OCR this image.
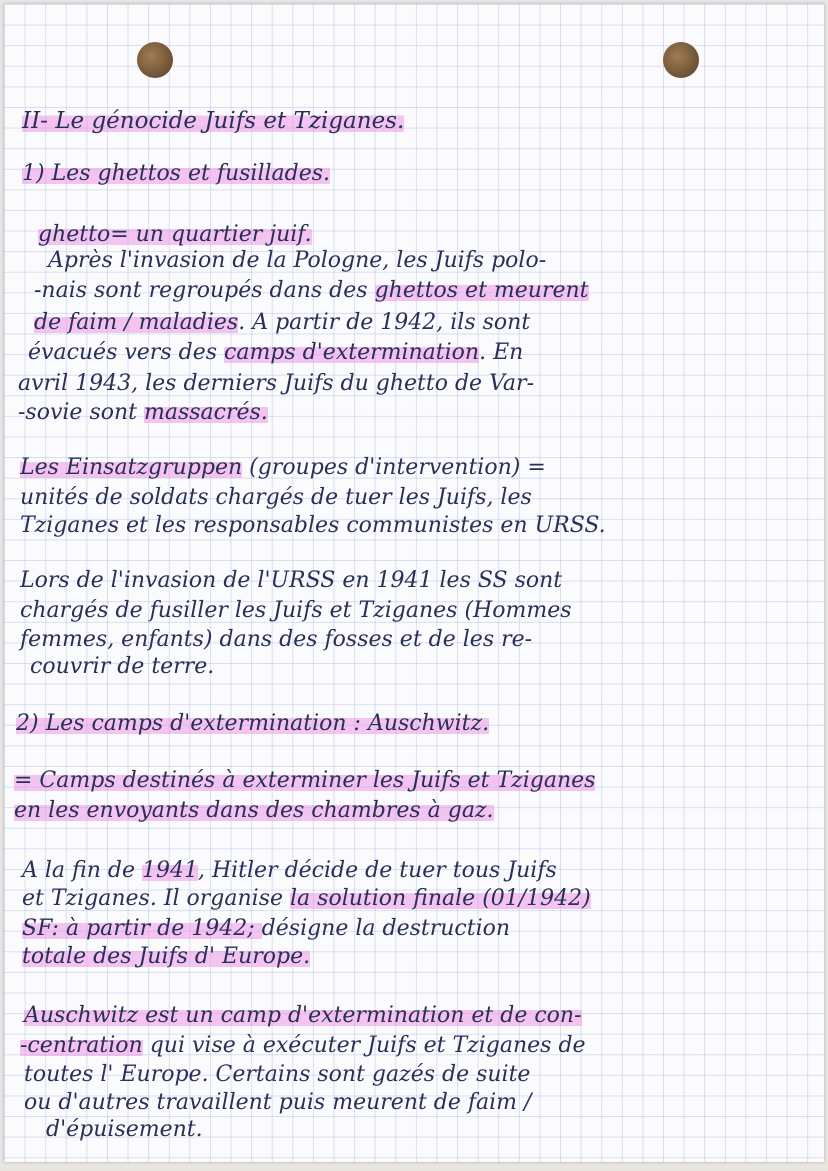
II- Le génocide Juifs et Tziganes.
1) Les ghettos et fusillades.
ghetto= un quartier juif.
Après l'invasion de la Pologne, les Juifs polo-
-nais sont regroupés dans des ghettos et meurent
de faim / maladies. A partir de 1942, ils sont
évacués vers des camps d'extermination. En
avril 1943, les derniers Juifs du ghetto de Var-
-sovie sont massacrés.
Les Einsatzgruppen (groupes d'intervention) =
unités de soldats chargés de tuer les Juifs, les
Tziganes et les responsables communistes en URSS.
Lors de l'invasion de l'URSS en 1941 les SS sont
chargés de fusiller les Juifs et Tziganes (Hommes
femmes, enfants) dans des fosses et de les re-
couvrir de terre.
2) Les camps d'extermination : Auschwitz.
= Camps destinés à exterminer les Juifs et Tziganes
en les envoyants dans des chambres à gaz.
A la fin de 1941, Hitler décide de tuer tous Juifs
et Tziganes. Il organise la solution finale (01/1942)
SF: à partir de 1942; désigne la destruction
totale des Juifs d' Europe.
Auschwitz est un camp d'extermination et de con-
-centration qui vise à exécuter Juifs et Tziganes de
toutes l' Europe. Certains sont gazés de suite
ou d'autres travaillent puis meurent de faim /
d'épuisement.
